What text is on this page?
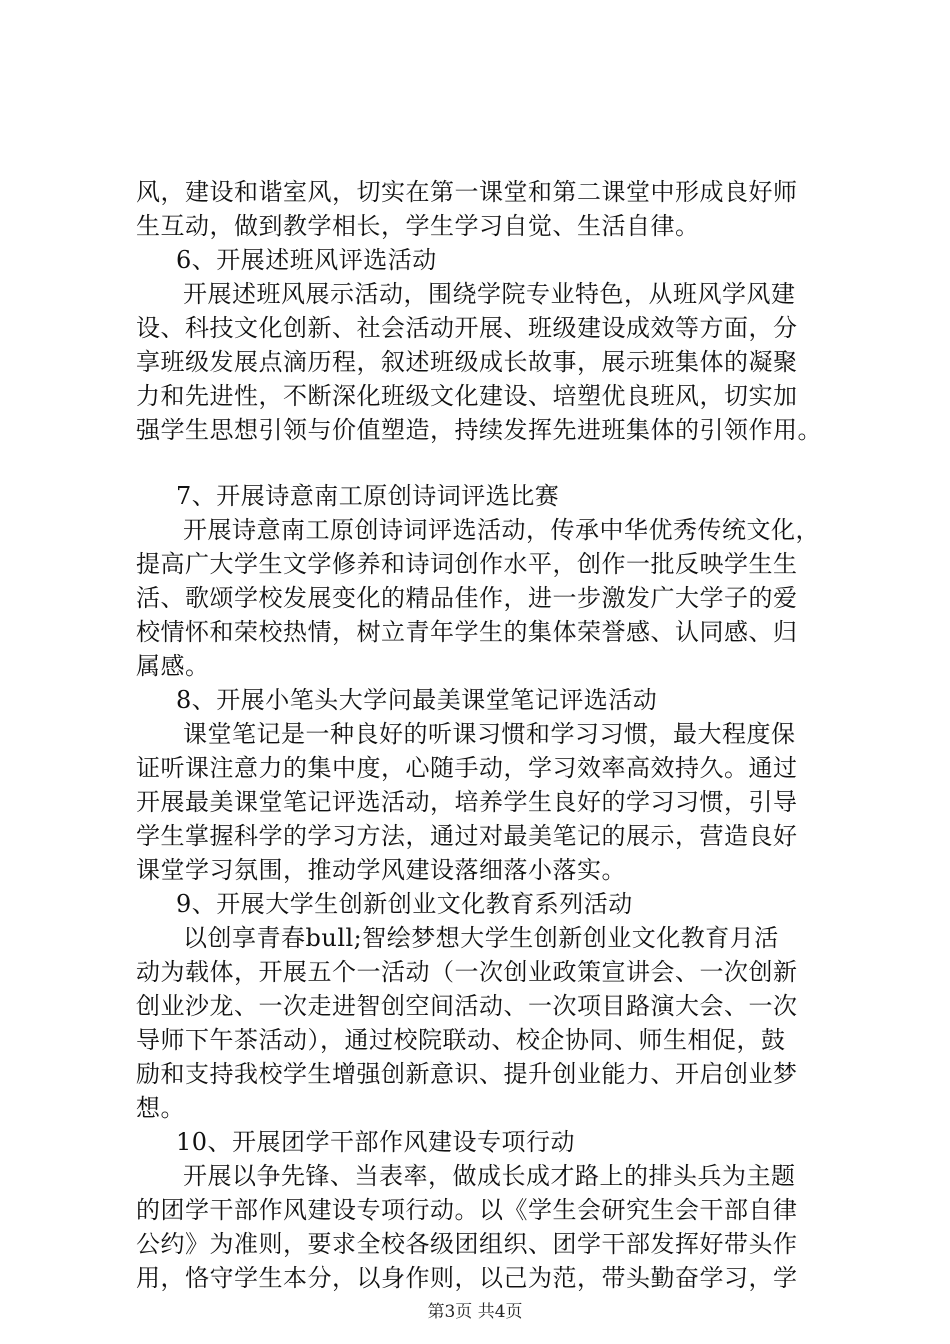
风，建设和谐室风，切实在第一课堂和第二课堂中形成良好师
生互动，做到教学相长，学生学习自觉、生活自律。
6、开展述班风评选活动
开展述班风展示活动，围绕学院专业特色，从班风学风建
设、科技文化创新、社会活动开展、班级建设成效等方面，分
享班级发展点滴历程，叙述班级成长故事，展示班集体的凝聚
力和先进性，不断深化班级文化建设、培塑优良班风，切实加
强学生思想引领与价值塑造，持续发挥先进班集体的引领作用。
7、开展诗意南工原创诗词评选比赛
开展诗意南工原创诗词评选活动，传承中华优秀传统文化，
提高广大学生文学修养和诗词创作水平，创作一批反映学生生
活、歌颂学校发展变化的精品佳作，进一步激发广大学子的爱
校情怀和荣校热情，树立青年学生的集体荣誉感、认同感、归
属感。
8、开展小笔头大学问最美课堂笔记评选活动
课堂笔记是一种良好的听课习惯和学习习惯，最大程度保
证听课注意力的集中度，心随手动，学习效率高效持久。通过
开展最美课堂笔记评选活动，培养学生良好的学习习惯，引导
学生掌握科学的学习方法，通过对最美笔记的展示，营造良好
课堂学习氛围，推动学风建设落细落小落实。
9、开展大学生创新创业文化教育系列活动
以创享青春bull;智绘梦想大学生创新创业文化教育月活
动为载体，开展五个一活动（一次创业政策宣讲会、一次创新
创业沙龙、一次走进智创空间活动、一次项目路演大会、一次
导师下午茶活动），通过校院联动、校企协同、师生相促，鼓
励和支持我校学生增强创新意识、提升创业能力、开启创业梦
想。
10、开展团学干部作风建设专项行动
开展以争先锋、当表率，做成长成才路上的排头兵为主题
的团学干部作风建设专项行动。以《学生会研究生会干部自律
公约》为准则，要求全校各级团组织、团学干部发挥好带头作
用，恪守学生本分，以身作则，以己为范，带头勤奋学习，学
第3页 共4页
